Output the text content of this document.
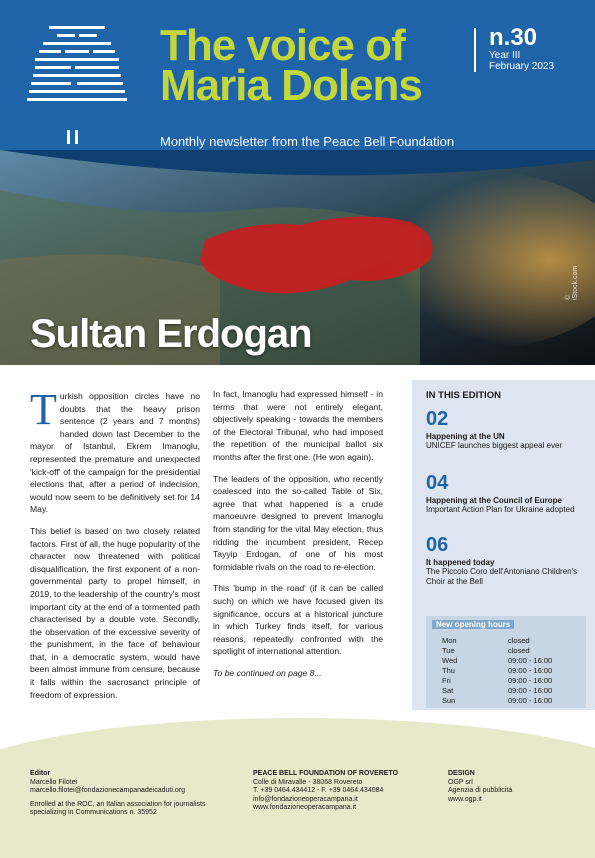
The voice of
Maria Dolens
n.30
Year III
February 2023
Monthly newsletter from the Peace Bell Foundation
Sultan Erdogan
© iStock.com

Turkish opposition circles have no doubts that the heavy prison sentence (2 years and 7 months) handed down last December to the mayor of Istanbul, Ekrem Imanoglu, represented the premature and unexpected 'kick-off' of the campaign for the presidential elections that, after a period of indecision, would now seem to be definitively set for 14 May.

This belief is based on two closely related factors. First of all, the huge popularity of the character now threatened with political disqualification, the first exponent of a non-governmental party to propel himself, in 2019, to the leadership of the country's most important city at the end of a tormented path characterised by a double vote. Secondly, the observation of the excessive severity of the punishment, in the face of behaviour that, in a democratic system, would have been almost immune from censure, because it falls within the sacrosanct principle of freedom of expression.

In fact, Imanoglu had expressed himself - in terms that were not entirely elegant, objectively speaking - towards the members of the Electoral Tribunal, who had imposed the repetition of the municipal ballot six months after the first one. (He won again).

The leaders of the opposition, who recently coalesced into the so-called Table of Six, agree that what happened is a crude manoeuvre designed to prevent Imanoglu from standing for the vital May election, thus ridding the incumbent president, Recep Tayyip Erdogan, of one of his most formidable rivals on the road to re-election.

This 'bump in the road' (if it can be called such) on which we have focused given its significance, occurs at a historical juncture in which Turkey finds itself, for various reasons, repeatedly confronted with the spotlight of international attention.

To be continued on page 8...

IN THIS EDITION
02
Happening at the UN
UNICEF launches biggest appeal ever
04
Happening at the Council of Europe
Important Action Plan for Ukraine adopted
06
It happened today
The Piccolo Coro dell'Antoniano Children's Choir at the Bell
New opening hours
Mon	closed
Tue	closed
Wed	09:00 - 16:00
Thu	09:00 - 16:00
Fri	09:00 - 16:00
Sat	09:00 - 16:00
Sun	09:00 - 16:00
Editor
Marcello Filotei
marcello.filotei@fondazionecampanadeicaduti.org
Enrolled at the ROC, an Italian association for journalists specializing in Communications n. 35952
PEACE BELL FOUNDATION OF ROVERETO
Colle di Miravalle - 38068 Rovereto
T. +39 0464.434412 - F. +39 0464.434084
info@fondazioneoperacampana.it
www.fondazioneoperacampana.it
DESIGN
OGP srl
Agenzia di pubblicità
www.ogp.it
